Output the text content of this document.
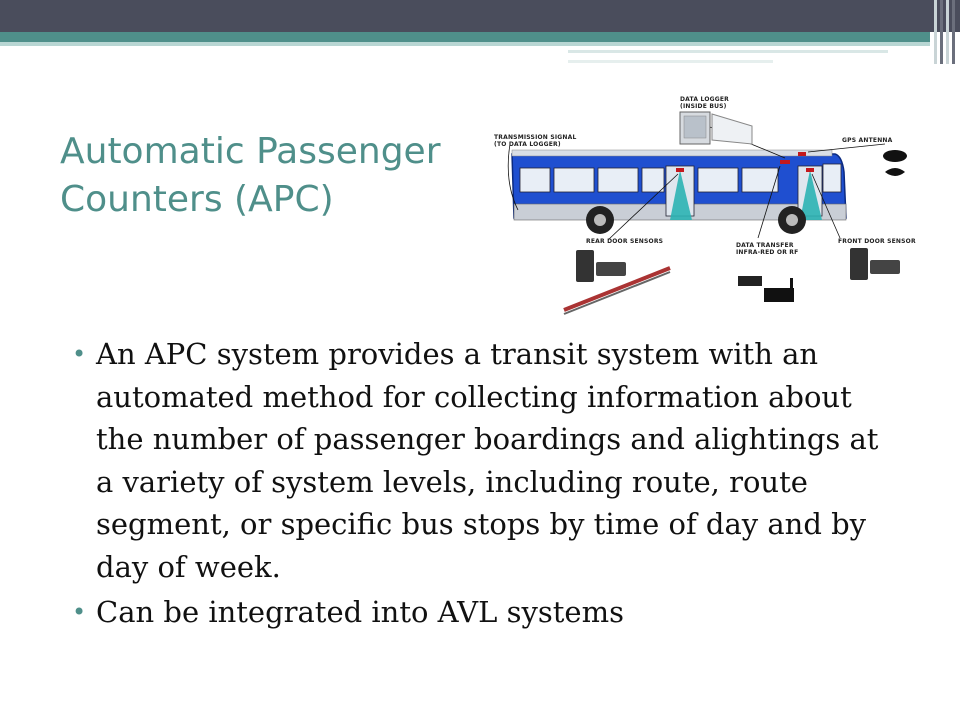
Automatic Passenger
Counters (APC)
DATA LOGGER
(INSIDE BUS)
TRANSMISSION SIGNAL
(TO DATA LOGGER)
GPS ANTENNA
REAR DOOR SENSORS
DATA TRANSFER
INFRA-RED OR RF
FRONT DOOR SENSOR
• An APC system provides a transit system with an automated method for collecting information about the number of passenger boardings and alightings at a variety of system levels, including route, route segment, or specific bus stops by time of day and by day of week.
• Can be integrated into AVL systems
